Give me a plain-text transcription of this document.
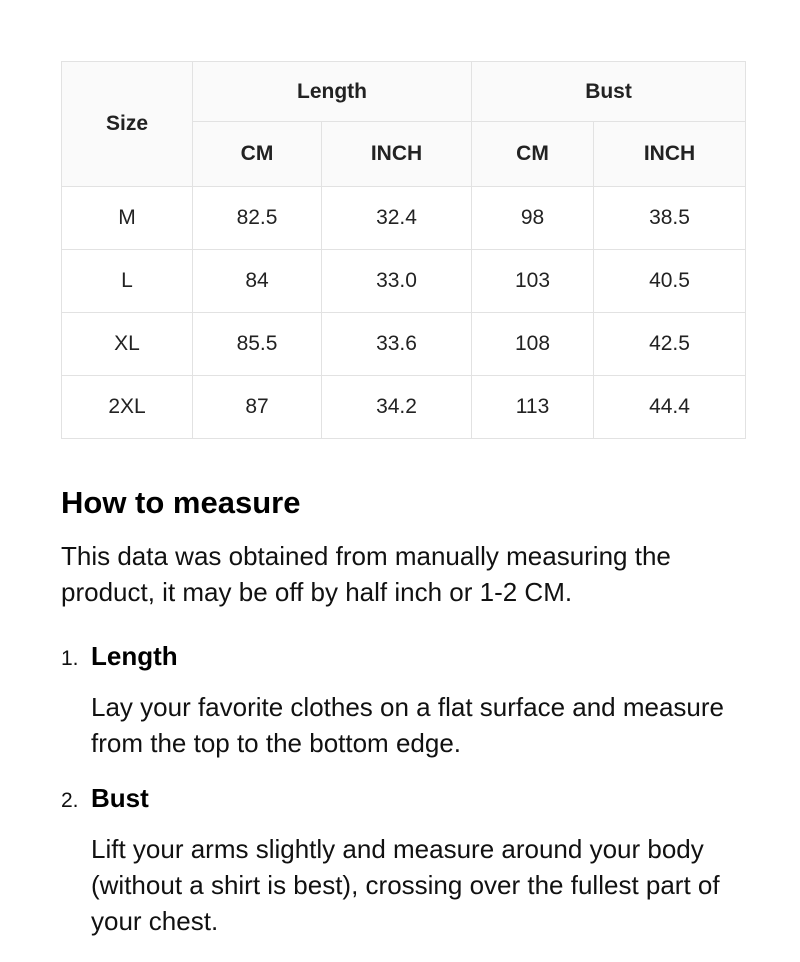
Size	Length		Bust	
	CM	INCH	CM	INCH
M	82.5	32.4	98	38.5
L	84	33.0	103	40.5
XL	85.5	33.6	108	42.5
2XL	87	34.2	113	44.4
How to measure

This data was obtained from manually measuring the product, it may be off by half inch or 1-2 CM.

1. Length

Lay your favorite clothes on a flat surface and measure from the top to the bottom edge.

2. Bust

Lift your arms slightly and measure around your body (without a shirt is best), crossing over the fullest part of your chest.
